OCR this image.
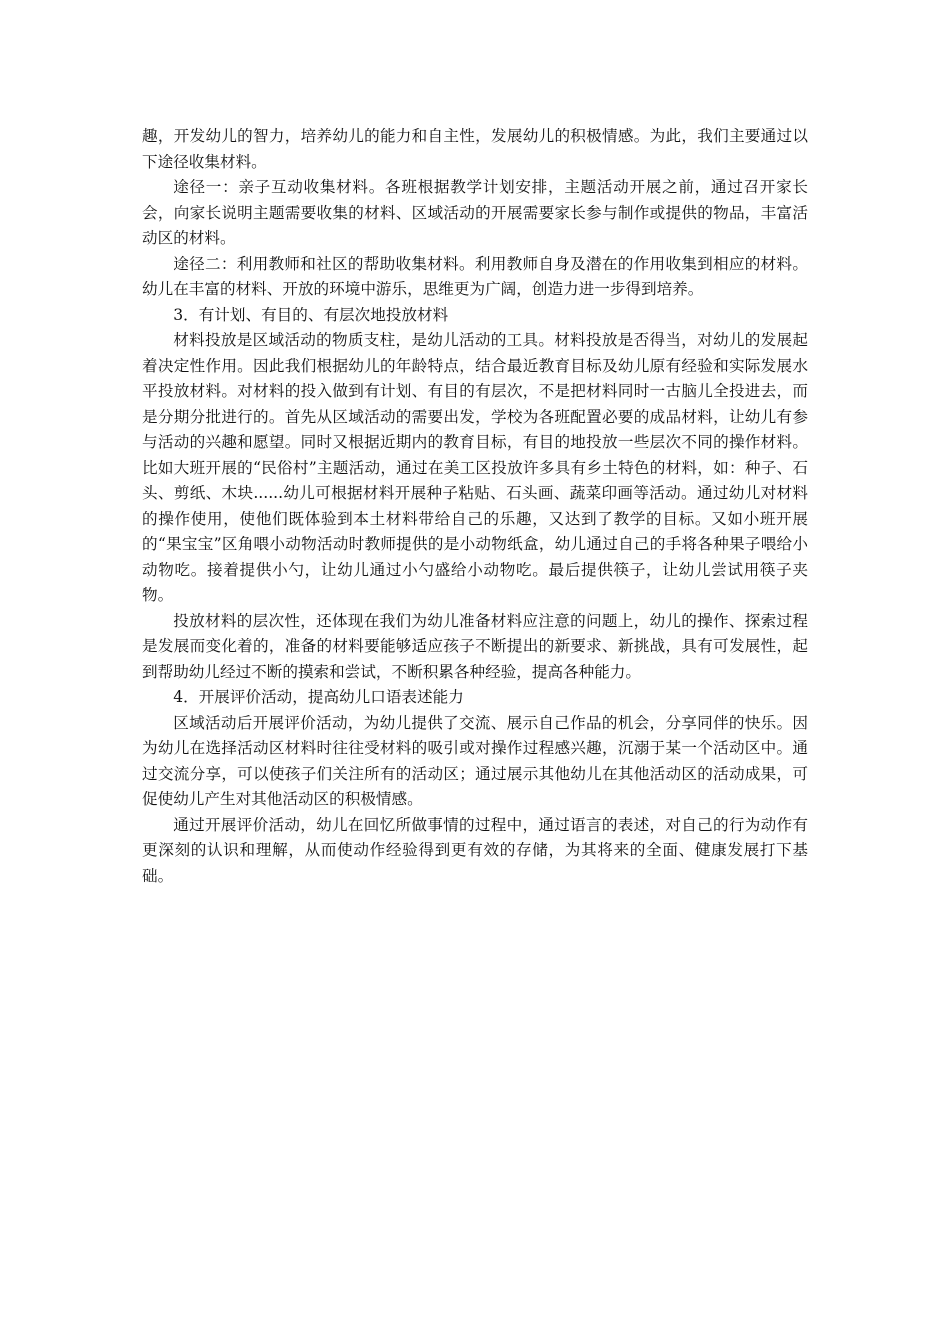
趣，开发幼儿的智力，培养幼儿的能力和自主性，发展幼儿的积极情感。为此，我们主要通过以下途径收集材料。

途径一：亲子互动收集材料。各班根据教学计划安排，主题活动开展之前，通过召开家长会，向家长说明主题需要收集的材料、区域活动的开展需要家长参与制作或提供的物品，丰富活动区的材料。

途径二：利用教师和社区的帮助收集材料。利用教师自身及潜在的作用收集到相应的材料。幼儿在丰富的材料、开放的环境中游乐，思维更为广阔，创造力进一步得到培养。

3．有计划、有目的、有层次地投放材料

材料投放是区域活动的物质支柱，是幼儿活动的工具。材料投放是否得当，对幼儿的发展起着决定性作用。因此我们根据幼儿的年龄特点，结合最近教育目标及幼儿原有经验和实际发展水平投放材料。对材料的投入做到有计划、有目的有层次，不是把材料同时一古脑儿全投进去，而是分期分批进行的。首先从区域活动的需要出发，学校为各班配置必要的成品材料，让幼儿有参与活动的兴趣和愿望。同时又根据近期内的教育目标，有目的地投放一些层次不同的操作材料。比如大班开展的“民俗村”主题活动，通过在美工区投放许多具有乡土特色的材料，如：种子、石头、剪纸、木块......幼儿可根据材料开展种子粘贴、石头画、蔬菜印画等活动。通过幼儿对材料的操作使用，使他们既体验到本土材料带给自己的乐趣，又达到了教学的目标。又如小班开展的“果宝宝”区角喂小动物活动时教师提供的是小动物纸盒，幼儿通过自己的手将各种果子喂给小动物吃。接着提供小勺，让幼儿通过小勺盛给小动物吃。最后提供筷子，让幼儿尝试用筷子夹物。

投放材料的层次性，还体现在我们为幼儿准备材料应注意的问题上，幼儿的操作、探索过程是发展而变化着的，准备的材料要能够适应孩子不断提出的新要求、新挑战，具有可发展性，起到帮助幼儿经过不断的摸索和尝试，不断积累各种经验，提高各种能力。

4．开展评价活动，提高幼儿口语表述能力

区域活动后开展评价活动，为幼儿提供了交流、展示自己作品的机会，分享同伴的快乐。因为幼儿在选择活动区材料时往往受材料的吸引或对操作过程感兴趣，沉溺于某一个活动区中。通过交流分享，可以使孩子们关注所有的活动区；通过展示其他幼儿在其他活动区的活动成果，可促使幼儿产生对其他活动区的积极情感。

通过开展评价活动，幼儿在回忆所做事情的过程中，通过语言的表述，对自己的行为动作有更深刻的认识和理解，从而使动作经验得到更有效的存储，为其将来的全面、健康发展打下基础。
